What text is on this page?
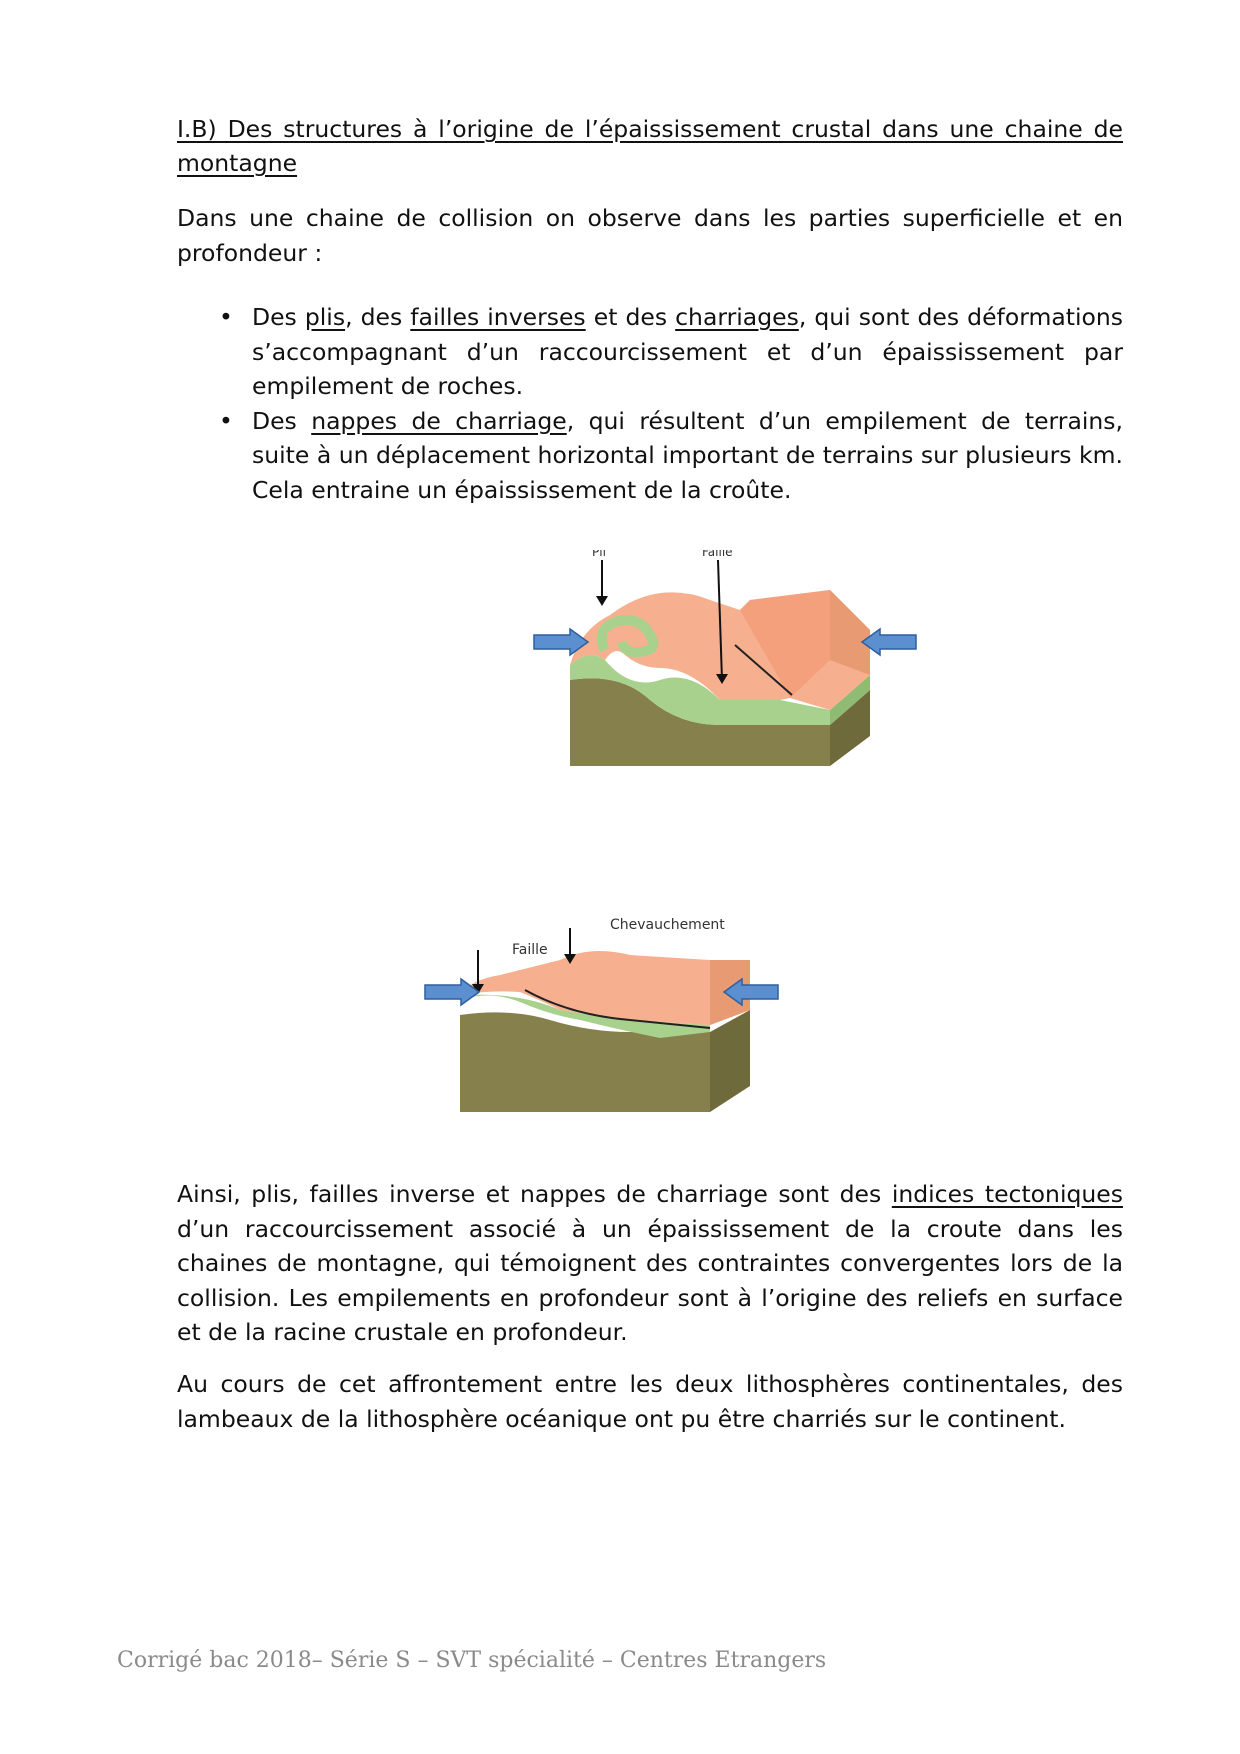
I.B) Des structures à l’origine de l’épaississement crustal dans une chaine de montagne

Dans une chaine de collision on observe dans les parties superficielle et en profondeur :

• Des plis, des failles inverses et des charriages, qui sont des déformations s’accompagnant d’un raccourcissement et d’un épaississement par empilement de roches.
• Des nappes de charriage, qui résultent d’un empilement de terrains, suite à un déplacement horizontal important de terrains sur plusieurs km. Cela entraine un épaississement de la croûte.
Pli	Faille
Chevauchement
Faille

Ainsi, plis, failles inverse et nappes de charriage sont des indices tectoniques d’un raccourcissement associé à un épaississement de la croute dans les chaines de montagne, qui témoignent des contraintes convergentes lors de la collision. Les empilements en profondeur sont à l’origine des reliefs en surface et de la racine crustale en profondeur.

Au cours de cet affrontement entre les deux lithosphères continentales, des lambeaux de la lithosphère océanique ont pu être charriés sur le continent.

Corrigé bac 2018– Série S – SVT spécialité – Centres Etrangers
